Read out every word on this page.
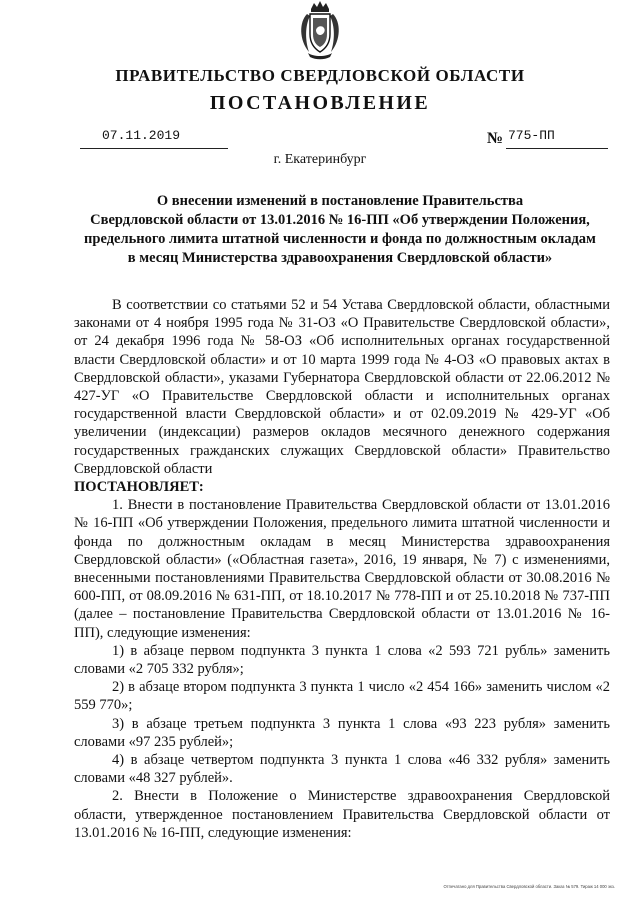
ПРАВИТЕЛЬСТВО СВЕРДЛОВСКОЙ ОБЛАСТИ
ПОСТАНОВЛЕНИЕ
07.11.2019	№ 775-ПП
г. Екатеринбург
О внесении изменений в постановление Правительства
Свердловской области от 13.01.2016 № 16-ПП «Об утверждении Положения,
предельного лимита штатной численности и фонда по должностным окладам
в месяц Министерства здравоохранения Свердловской области»

В соответствии со статьями 52 и 54 Устава Свердловской области, областными законами от 4 ноября 1995 года № 31-ОЗ «О Правительстве Свердловской области», от 24 декабря 1996 года № 58-ОЗ «Об исполнительных органах государственной власти Свердловской области» и от 10 марта 1999 года № 4-ОЗ «О правовых актах в Свердловской области», указами Губернатора Свердловской области от 22.06.2012 № 427-УГ «О Правительстве Свердловской области и исполнительных органах государственной власти Свердловской области» и от 02.09.2019 № 429-УГ «Об увеличении (индексации) размеров окладов месячного денежного содержания государственных гражданских служащих Свердловской области» Правительство Свердловской области

ПОСТАНОВЛЯЕТ:

1. Внести в постановление Правительства Свердловской области от 13.01.2016 № 16-ПП «Об утверждении Положения, предельного лимита штатной численности и фонда по должностным окладам в месяц Министерства здравоохранения Свердловской области» («Областная газета», 2016, 19 января, № 7) с изменениями, внесенными постановлениями Правительства Свердловской области от 30.08.2016 № 600-ПП, от 08.09.2016 № 631-ПП, от 18.10.2017 № 778-ПП и от 25.10.2018 № 737-ПП (далее – постановление Правительства Свердловской области от 13.01.2016 № 16-ПП), следующие изменения:

1) в абзаце первом подпункта 3 пункта 1 слова «2 593 721 рубль» заменить словами «2 705 332 рубля»;

2) в абзаце втором подпункта 3 пункта 1 число «2 454 166» заменить числом «2 559 770»;

3) в абзаце третьем подпункта 3 пункта 1 слова «93 223 рубля» заменить словами «97 235 рублей»;

4) в абзаце четвертом подпункта 3 пункта 1 слова «46 332 рубля» заменить словами «48 327 рублей».

2. Внести в Положение о Министерстве здравоохранения Свердловской области, утвержденное постановлением Правительства Свердловской области от 13.01.2016 № 16-ПП, следующие изменения:

Отпечатано для Правительства Свердловской области. Заказ № 579. Тираж 14 000 экз.
